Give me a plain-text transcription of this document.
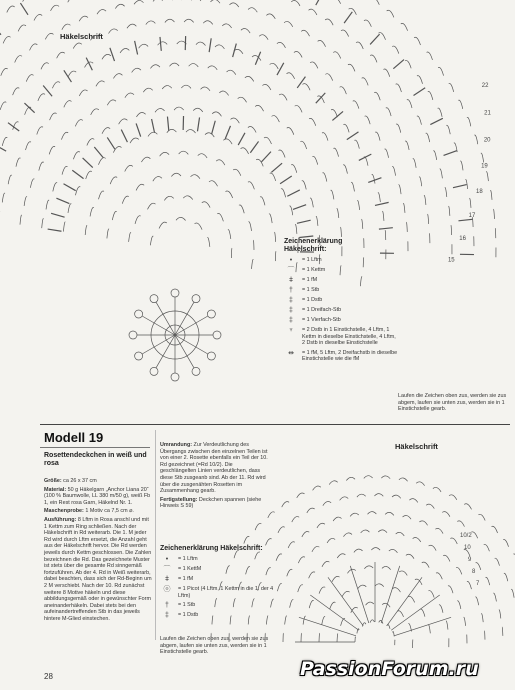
Häkelschrift
22
21
20
19
18
17
16
15
Zeichenerklärung
Häkelschrift:
•	= 1 Lftm
⌒	= 1 Kettm
ǂ	= 1 fM
†	= 1 Stb
‡	= 1 Dstb
‡	= 1 Dreifach-Stb
‡	= 1 Vierfach-Stb
♆	= 2 Dstb in 1 Einstichstelle, 4 Lftm, 1 Kettm in dieselbe Einstichstelle, 4 Lftm, 2 Dstb in dieselbe Einstichstelle
⇹	= 1 fM, 5 Lftm, 2 Dreifachstb in dieselbe Einstichstelle wie die fM
Laufen die Zeichen oben zus, werden sie zus abgem, laufen sie unten zus, werden sie in 1 Einstichstelle gearb.
Modell 19
Rosettendeckchen in weiß und rosa

Größe: ca 26 x 37 cm

Material: 50 g Häkelgarn „Anchor Liana 20“ (100 % Baumwolle, LL 380 m/50 g), weiß Fb 1, ein Rest rosa Garn, Häkelnd Nr. 1.

Maschenprobe: 1 Motiv ca 7,5 cm ⌀.

Ausführung: 8 Lftm in Rosa anschl und mit 1 Kettm zum Ring schließen. Nach der Häkelschrift in Rd weiterarb. Die 1. M jeder Rd wird durch Lftm ersetzt, die Anzahl geht aus der Häkelschrift hervor. Die Rd werden jeweils durch Kettm geschlossen. Die Zahlen bezeichnen die Rd. Das gezeichnete Muster ist stets über die gesamte Rd sinngemäß fortzuführen. Ab der 4. Rd in Weiß weiterarb, dabei beachten, dass sich der Rd-Beginn um 2 M verschiebt. Nach der 10. Rd zunächst weitere 8 Motive häkeln und diese abbildungsgemäß oder in gewünschter Form aneinanderhäkeln. Dabei stets bei den aufeinandertreffenden Stb in das jeweils hintere M-Glied einstechen.

Umrandung: Zur Verdeutlichung des Übergangs zwischen den einzelnen Teilen ist von einer 2. Rosette ebenfalls ein Teil der 10. Rd gezeichnet (=Rd 10/2). Die geschlängelten Linien verdeutlichen, dass diese Stb zusgeanb sind. Ab der 11. Rd wird über die zusgenähten Rosetten im Zusammenhang gearb.

Fertigstellung: Deckchen spannen (siehe Hinweis S 59)

Zeichenerklärung Häkelschrift:
•	= 1 Lftm
⌒	= 1 KettM
ǂ	= 1 fM
ⓞ	= 1 Picot (4 Lftm, 1 Kettm in die 1. der 4 Lftm)
†	= 1 Stb
‡	= 1 Dstb
Laufen die Zeichen oben zus, werden sie zus abgem, laufen sie unten zus, werden sie in 1 Einstichstelle gearb.
Häkelschrift
10/2
10
9
8
7
28	PassionForum.ru
